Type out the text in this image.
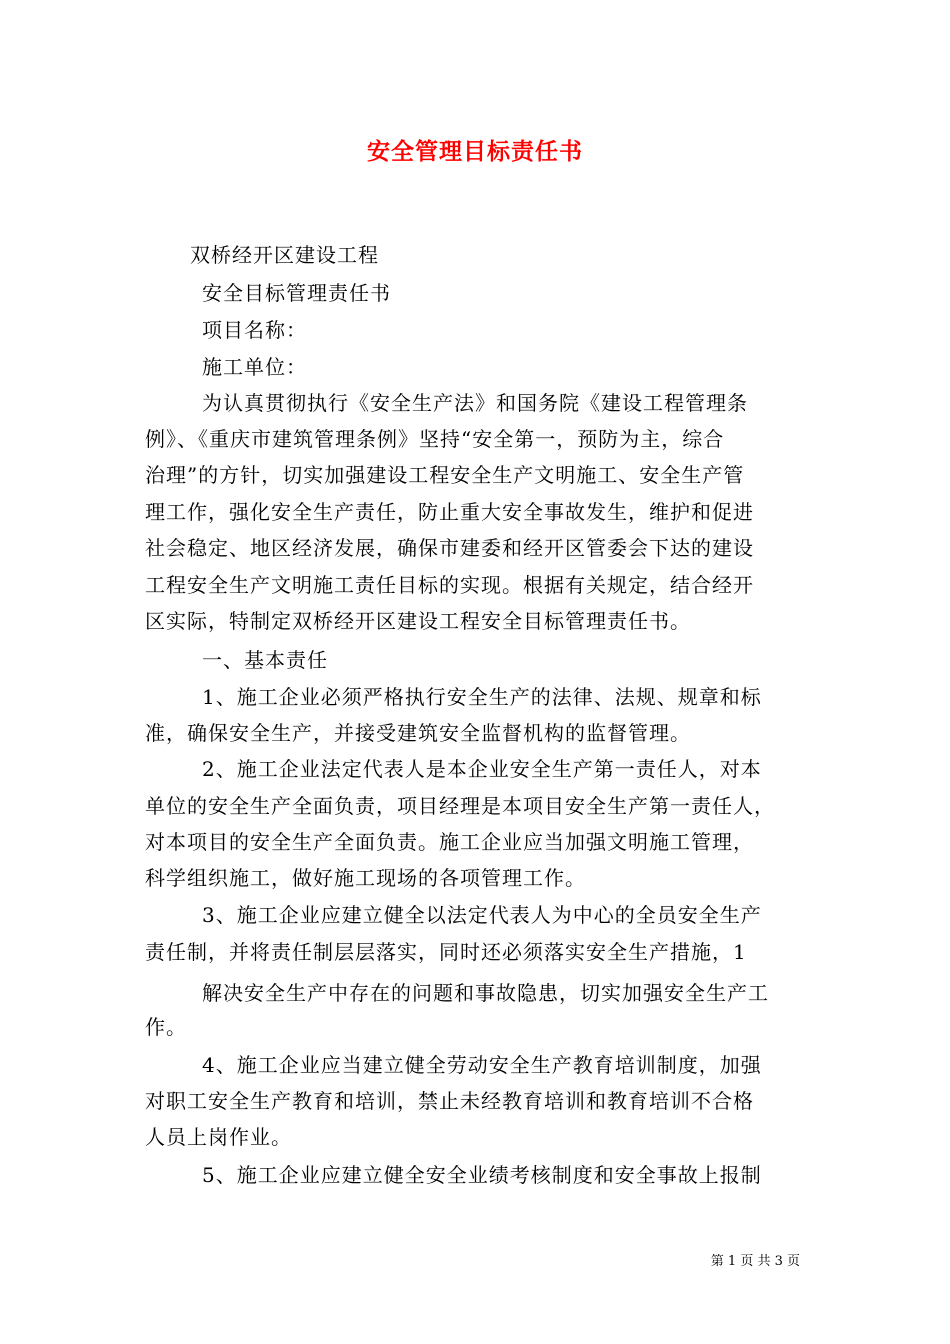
安全管理目标责任书
双桥经开区建设工程
安全目标管理责任书
项目名称：
施工单位：
为认真贯彻执行《安全生产法》和国务院《建设工程管理条
例》、《重庆市建筑管理条例》坚持“安全第一，预防为主，综合
治理”的方针，切实加强建设工程安全生产文明施工、安全生产管
理工作，强化安全生产责任，防止重大安全事故发生，维护和促进
社会稳定、地区经济发展，确保市建委和经开区管委会下达的建设
工程安全生产文明施工责任目标的实现。根据有关规定，结合经开
区实际，特制定双桥经开区建设工程安全目标管理责任书。
一、基本责任
1、施工企业必须严格执行安全生产的法律、法规、规章和标
准，确保安全生产，并接受建筑安全监督机构的监督管理。
2、施工企业法定代表人是本企业安全生产第一责任人，对本
单位的安全生产全面负责，项目经理是本项目安全生产第一责任人，
对本项目的安全生产全面负责。施工企业应当加强文明施工管理，
科学组织施工，做好施工现场的各项管理工作。
3、施工企业应建立健全以法定代表人为中心的全员安全生产
责任制，并将责任制层层落实，同时还必须落实安全生产措施，1
解决安全生产中存在的问题和事故隐患，切实加强安全生产工
作。
4、施工企业应当建立健全劳动安全生产教育培训制度，加强
对职工安全生产教育和培训，禁止未经教育培训和教育培训不合格
人员上岗作业。
5、施工企业应建立健全安全业绩考核制度和安全事故上报制
第 1 页 共 3 页
